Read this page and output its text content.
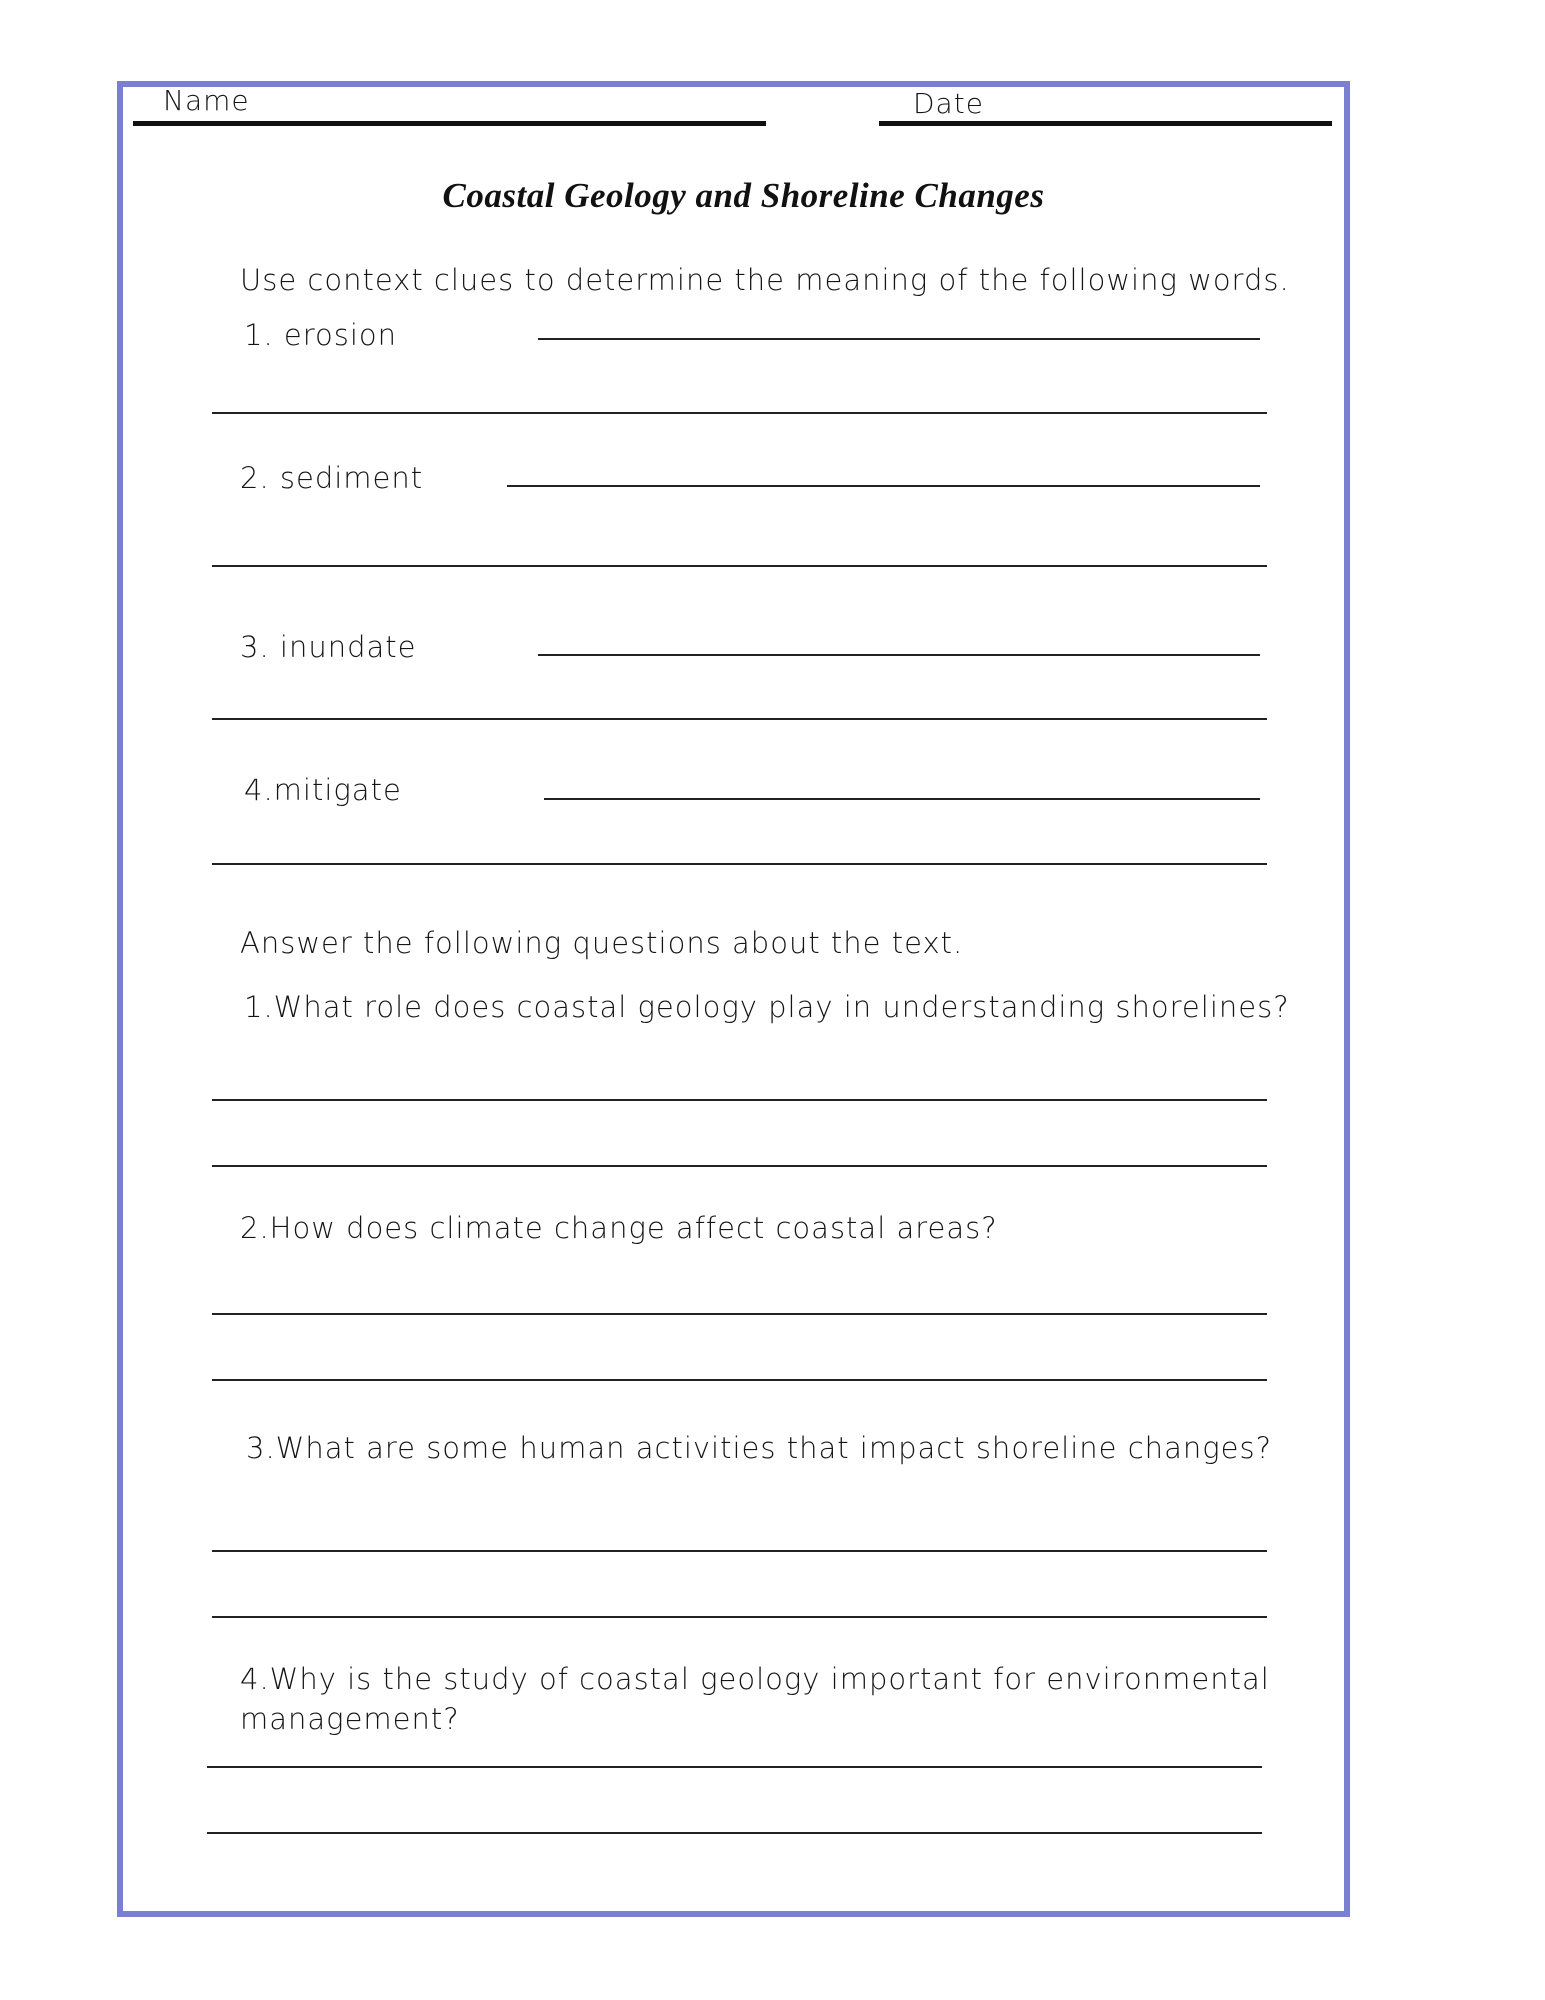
Name	Date
Coastal Geology and Shoreline Changes
Use context clues to determine the meaning of the following words.
1. erosion
2. sediment
3. inundate
4.mitigate
Answer the following questions about the text.
1.What role does coastal geology play in understanding shorelines?
2.How does climate change affect coastal areas?
3.What are some human activities that impact shoreline changes?
4.Why is the study of coastal geology important for environmental management?
